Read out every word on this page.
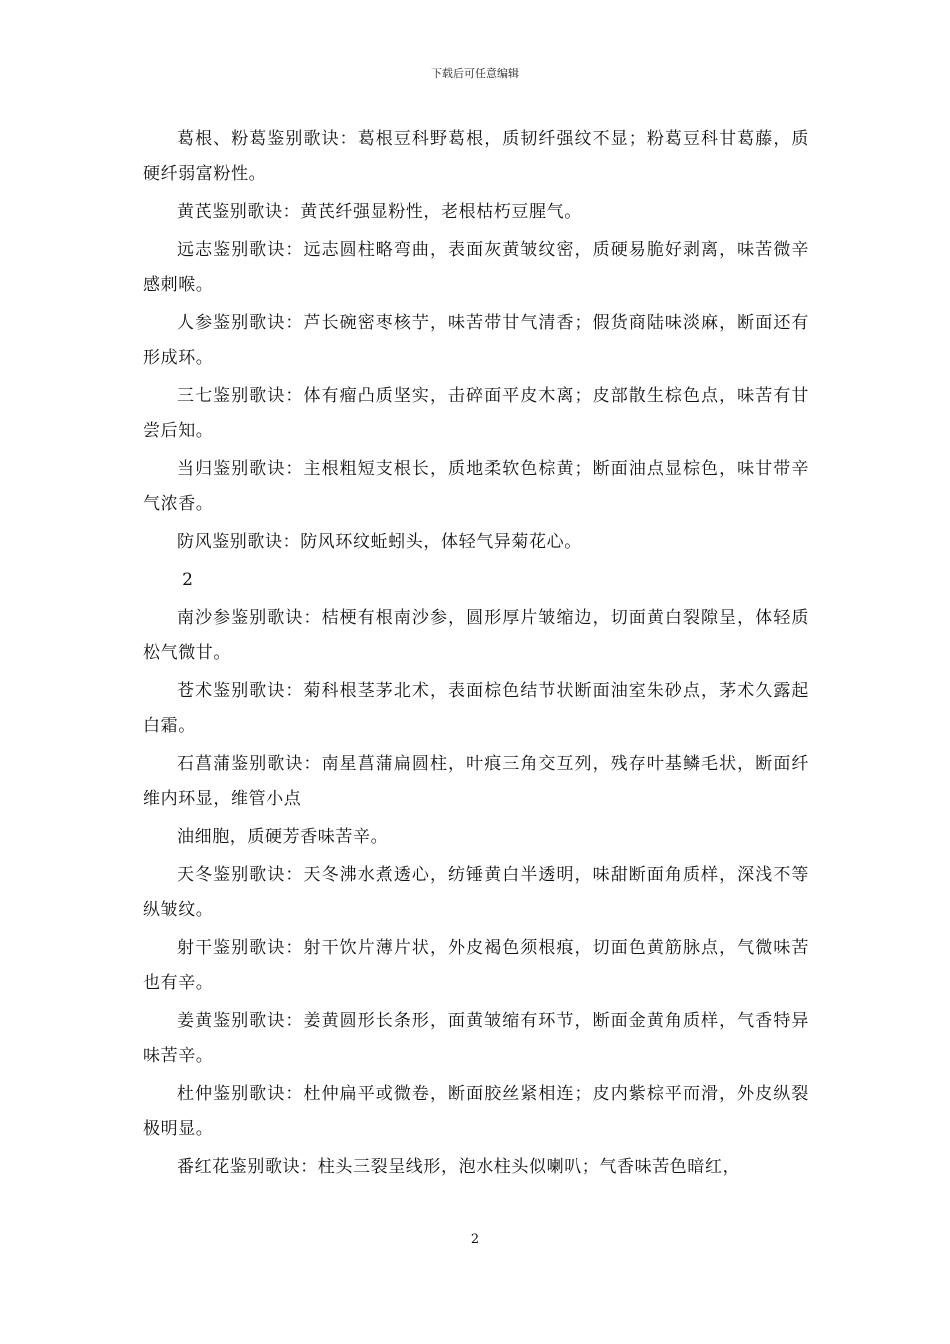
下载后可任意编辑

葛根、粉葛鉴别歌诀：葛根豆科野葛根，质韧纤强纹不显；粉葛豆科甘葛藤，质硬纤弱富粉性。

黄芪鉴别歌诀：黄芪纤强显粉性，老根枯朽豆腥气。

远志鉴别歌诀：远志圆柱略弯曲，表面灰黄皱纹密，质硬易脆好剥离，味苦微辛感刺喉。

人参鉴别歌诀：芦长碗密枣核艼，味苦带甘气清香；假货商陆味淡麻，断面还有形成环。

三七鉴别歌诀：体有瘤凸质坚实，击碎面平皮木离；皮部散生棕色点，味苦有甘尝后知。

当归鉴别歌诀：主根粗短支根长，质地柔软色棕黄；断面油点显棕色，味甘带辛气浓香。

防风鉴别歌诀：防风环纹蚯蚓头，体轻气异菊花心。

2

南沙参鉴别歌诀：桔梗有根南沙参，圆形厚片皱缩边，切面黄白裂隙呈，体轻质松气微甘。

苍术鉴别歌诀：菊科根茎茅北术，表面棕色结节状断面油室朱砂点，茅术久露起白霜。

石菖蒲鉴别歌诀：南星菖蒲扁圆柱，叶痕三角交互列，残存叶基鳞毛状，断面纤维内环显，维管小点

油细胞，质硬芳香味苦辛。

天冬鉴别歌诀：天冬沸水煮透心，纺锤黄白半透明，味甜断面角质样，深浅不等纵皱纹。

射干鉴别歌诀：射干饮片薄片状，外皮褐色须根痕，切面色黄筋脉点，气微味苦也有辛。

姜黄鉴别歌诀：姜黄圆形长条形，面黄皱缩有环节，断面金黄角质样，气香特异味苦辛。

杜仲鉴别歌诀：杜仲扁平或微卷，断面胶丝紧相连；皮内紫棕平而滑，外皮纵裂极明显。

番红花鉴别歌诀：柱头三裂呈线形，泡水柱头似喇叭；气香味苦色暗红，

2
